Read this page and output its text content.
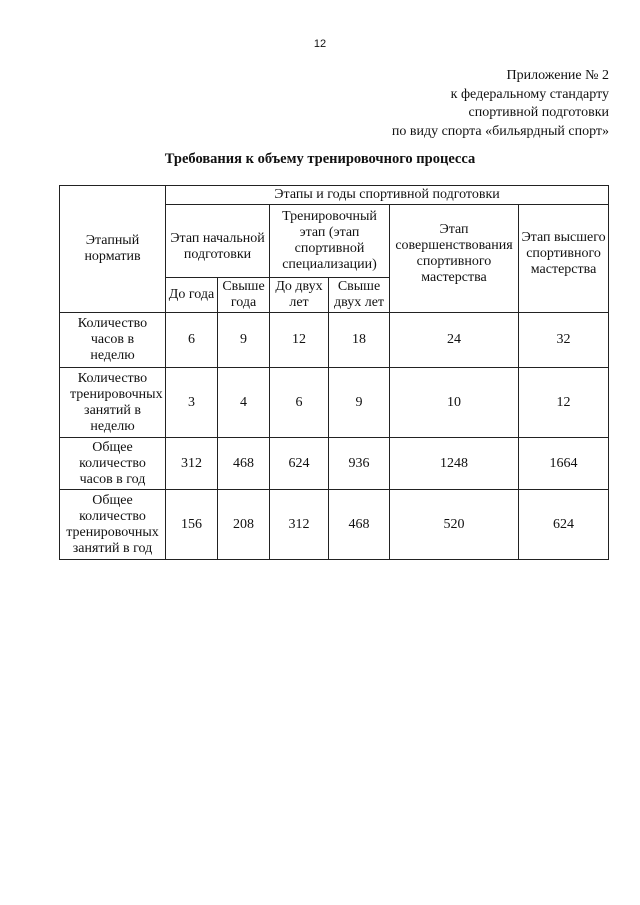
12
Приложение № 2
к федеральному стандарту
спортивной подготовки
по виду спорта «бильярдный спорт»
Требования к объему тренировочного процесса
Этапный норматив	Этапы и годы спортивной подготовки					
	Этап начальной подготовки		Тренировочный этап (этап спортивной специализации)		Этап совершенствования спортивного мастерства	Этап высшего спортивного мастерства
	До года	Свыше года	До двух лет	Свыше двух лет		
Количество часов в неделю	6	9	12	18	24	32
Количество тренировочных занятий в неделю	3	4	6	9	10	12
Общее количество часов в год	312	468	624	936	1248	1664
Общее количество тренировочных занятий в год	156	208	312	468	520	624
